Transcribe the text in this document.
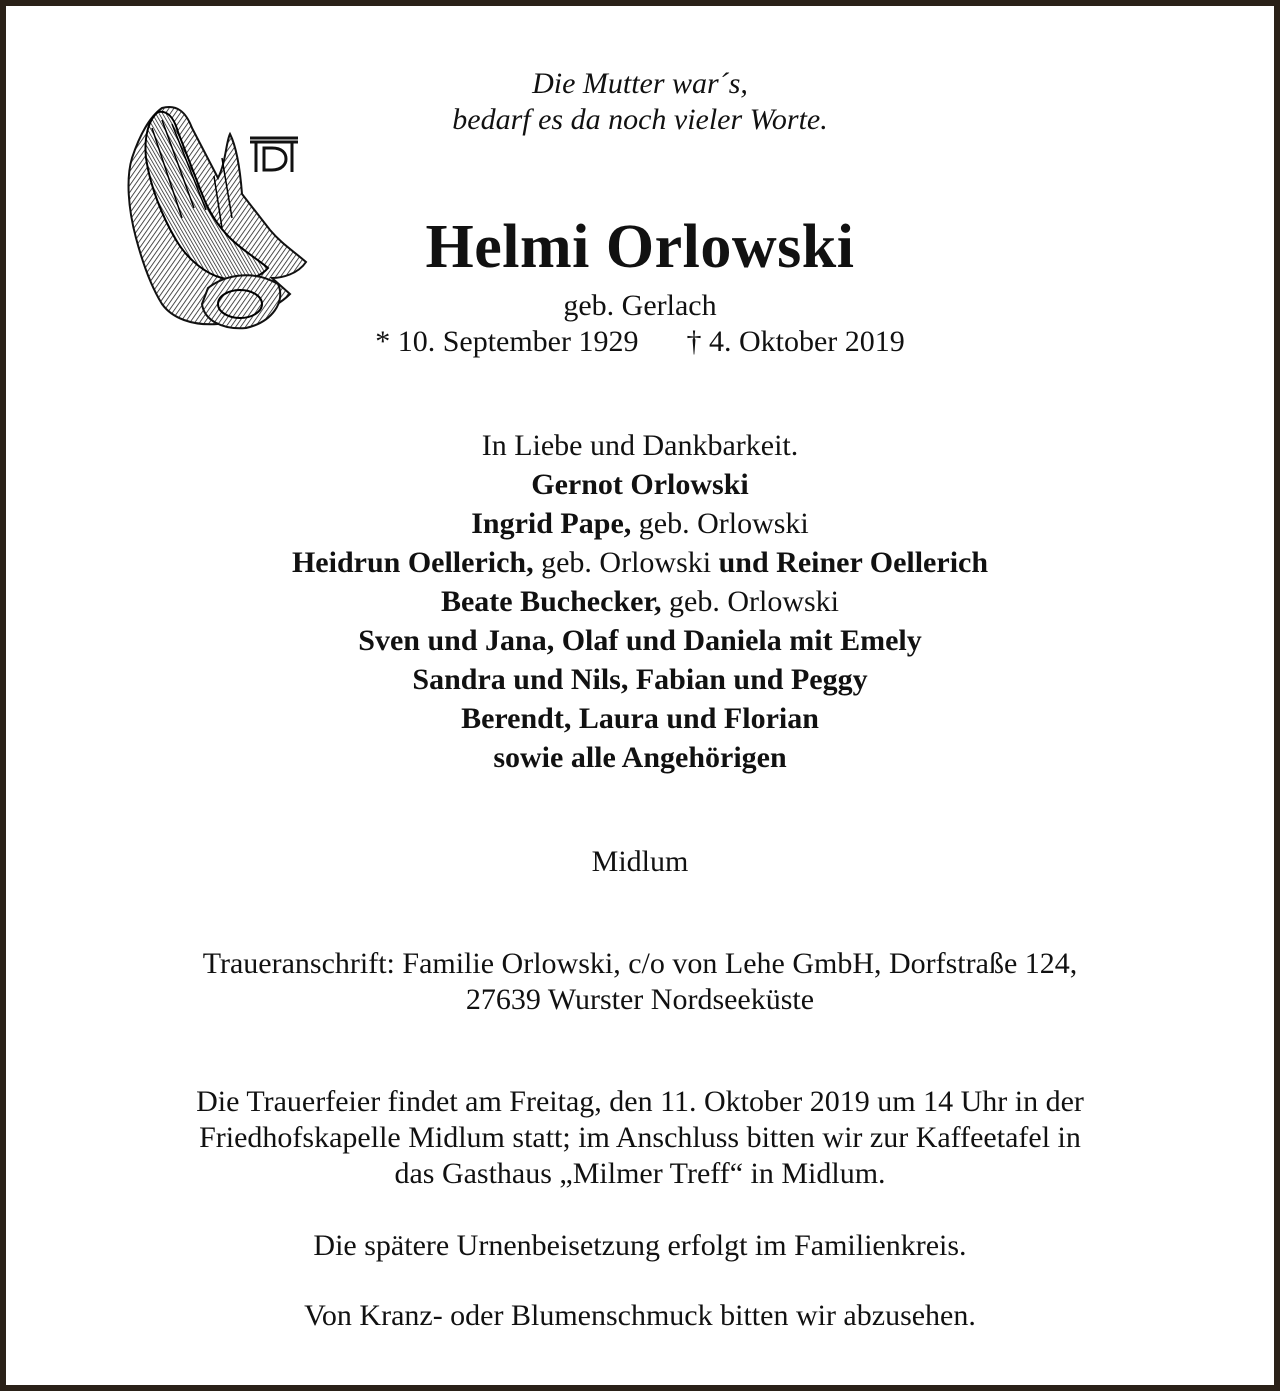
Die Mutter war´s,
bedarf es da noch vieler Worte.
Helmi Orlowski
geb. Gerlach
* 10. September 1929 † 4. Oktober 2019
In Liebe und Dankbarkeit.
Gernot Orlowski
Ingrid Pape, geb. Orlowski
Heidrun Oellerich, geb. Orlowski und Reiner Oellerich
Beate Buchecker, geb. Orlowski
Sven und Jana, Olaf und Daniela mit Emely
Sandra und Nils, Fabian und Peggy
Berendt, Laura und Florian
sowie alle Angehörigen
Midlum
Traueranschrift: Familie Orlowski, c/o von Lehe GmbH, Dorfstraße 124,
27639 Wurster Nordseeküste
Die Trauerfeier findet am Freitag, den 11. Oktober 2019 um 14 Uhr in der
Friedhofskapelle Midlum statt; im Anschluss bitten wir zur Kaffeetafel in
das Gasthaus „Milmer Treff“ in Midlum.
Die spätere Urnenbeisetzung erfolgt im Familienkreis.
Von Kranz- oder Blumenschmuck bitten wir abzusehen.
